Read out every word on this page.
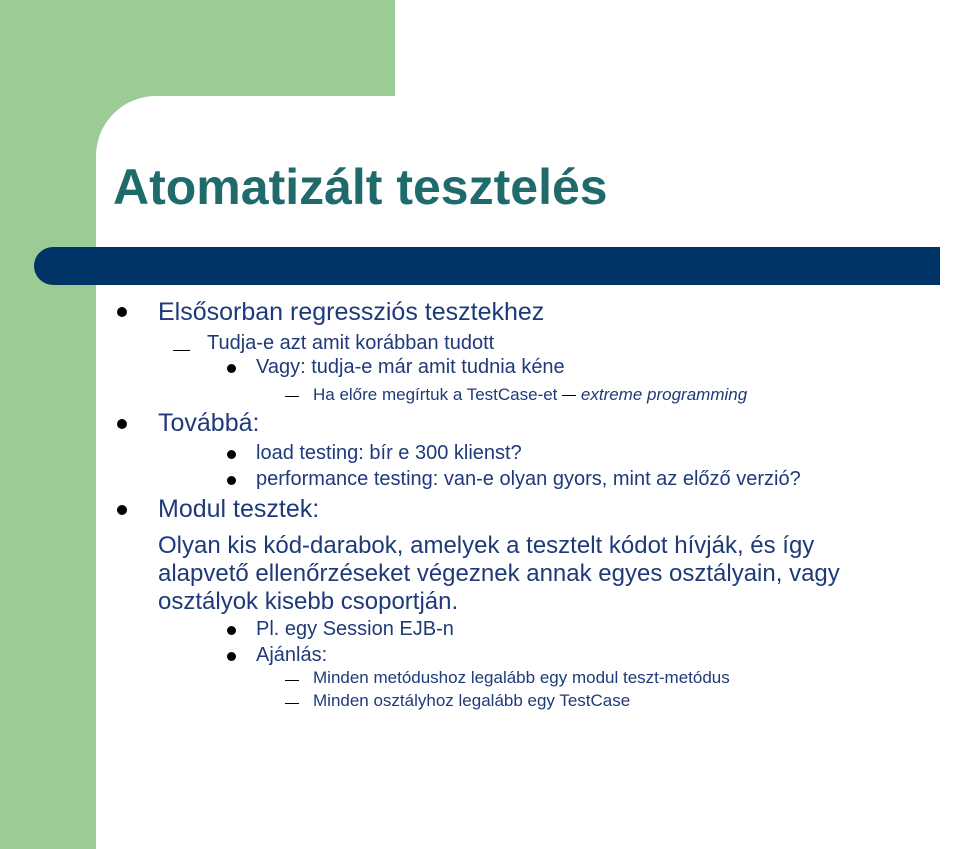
Atomatizált tesztelés
Elsősorban regressziós tesztekhez
Tudja-e azt amit korábban tudott
Vagy: tudja-e már amit tudnia kéne
Ha előre megírtuk a TestCase-et extreme programming
Továbbá:
load testing: bír e 300 klienst?
performance testing: van-e olyan gyors, mint az előző verzió?
Modul tesztek:
Olyan kis kód-darabok, amelyek a tesztelt kódot hívják, és így
alapvető ellenőrzéseket végeznek annak egyes osztályain, vagy
osztályok kisebb csoportján.
Pl. egy Session EJB-n
Ajánlás:
Minden metódushoz legalább egy modul teszt-metódus
Minden osztályhoz legalább egy TestCase
